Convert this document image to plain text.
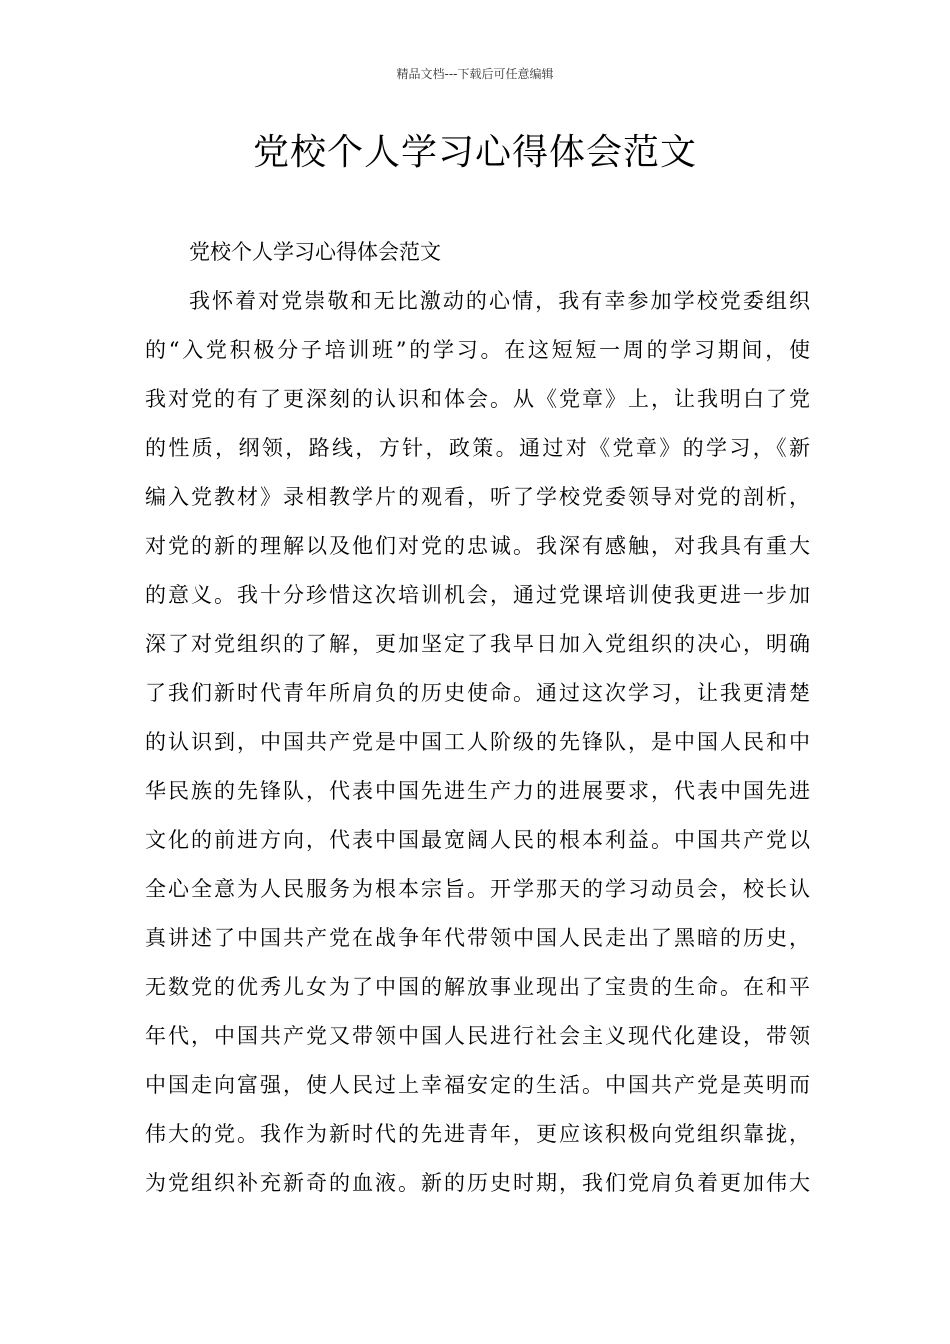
精品文档---下载后可任意编辑
党校个人学习心得体会范文
党校个人学习心得体会范文
我怀着对党崇敬和无比激动的心情，我有幸参加学校党委组织
的“入党积极分子培训班”的学习。在这短短一周的学习期间，使
我对党的有了更深刻的认识和体会。从《党章》上，让我明白了党
的性质，纲领，路线，方针，政策。通过对《党章》的学习，《新
编入党教材》录相教学片的观看，听了学校党委领导对党的剖析，
对党的新的理解以及他们对党的忠诚。我深有感触，对我具有重大
的意义。我十分珍惜这次培训机会，通过党课培训使我更进一步加
深了对党组织的了解，更加坚定了我早日加入党组织的决心，明确
了我们新时代青年所肩负的历史使命。通过这次学习，让我更清楚
的认识到，中国共产党是中国工人阶级的先锋队，是中国人民和中
华民族的先锋队，代表中国先进生产力的进展要求，代表中国先进
文化的前进方向，代表中国最宽阔人民的根本利益。中国共产党以
全心全意为人民服务为根本宗旨。开学那天的学习动员会，校长认
真讲述了中国共产党在战争年代带领中国人民走出了黑暗的历史，
无数党的优秀儿女为了中国的解放事业现出了宝贵的生命。在和平
年代，中国共产党又带领中国人民进行社会主义现代化建设，带领
中国走向富强，使人民过上幸福安定的生活。中国共产党是英明而
伟大的党。我作为新时代的先进青年，更应该积极向党组织靠拢，
为党组织补充新奇的血液。新的历史时期，我们党肩负着更加伟大
